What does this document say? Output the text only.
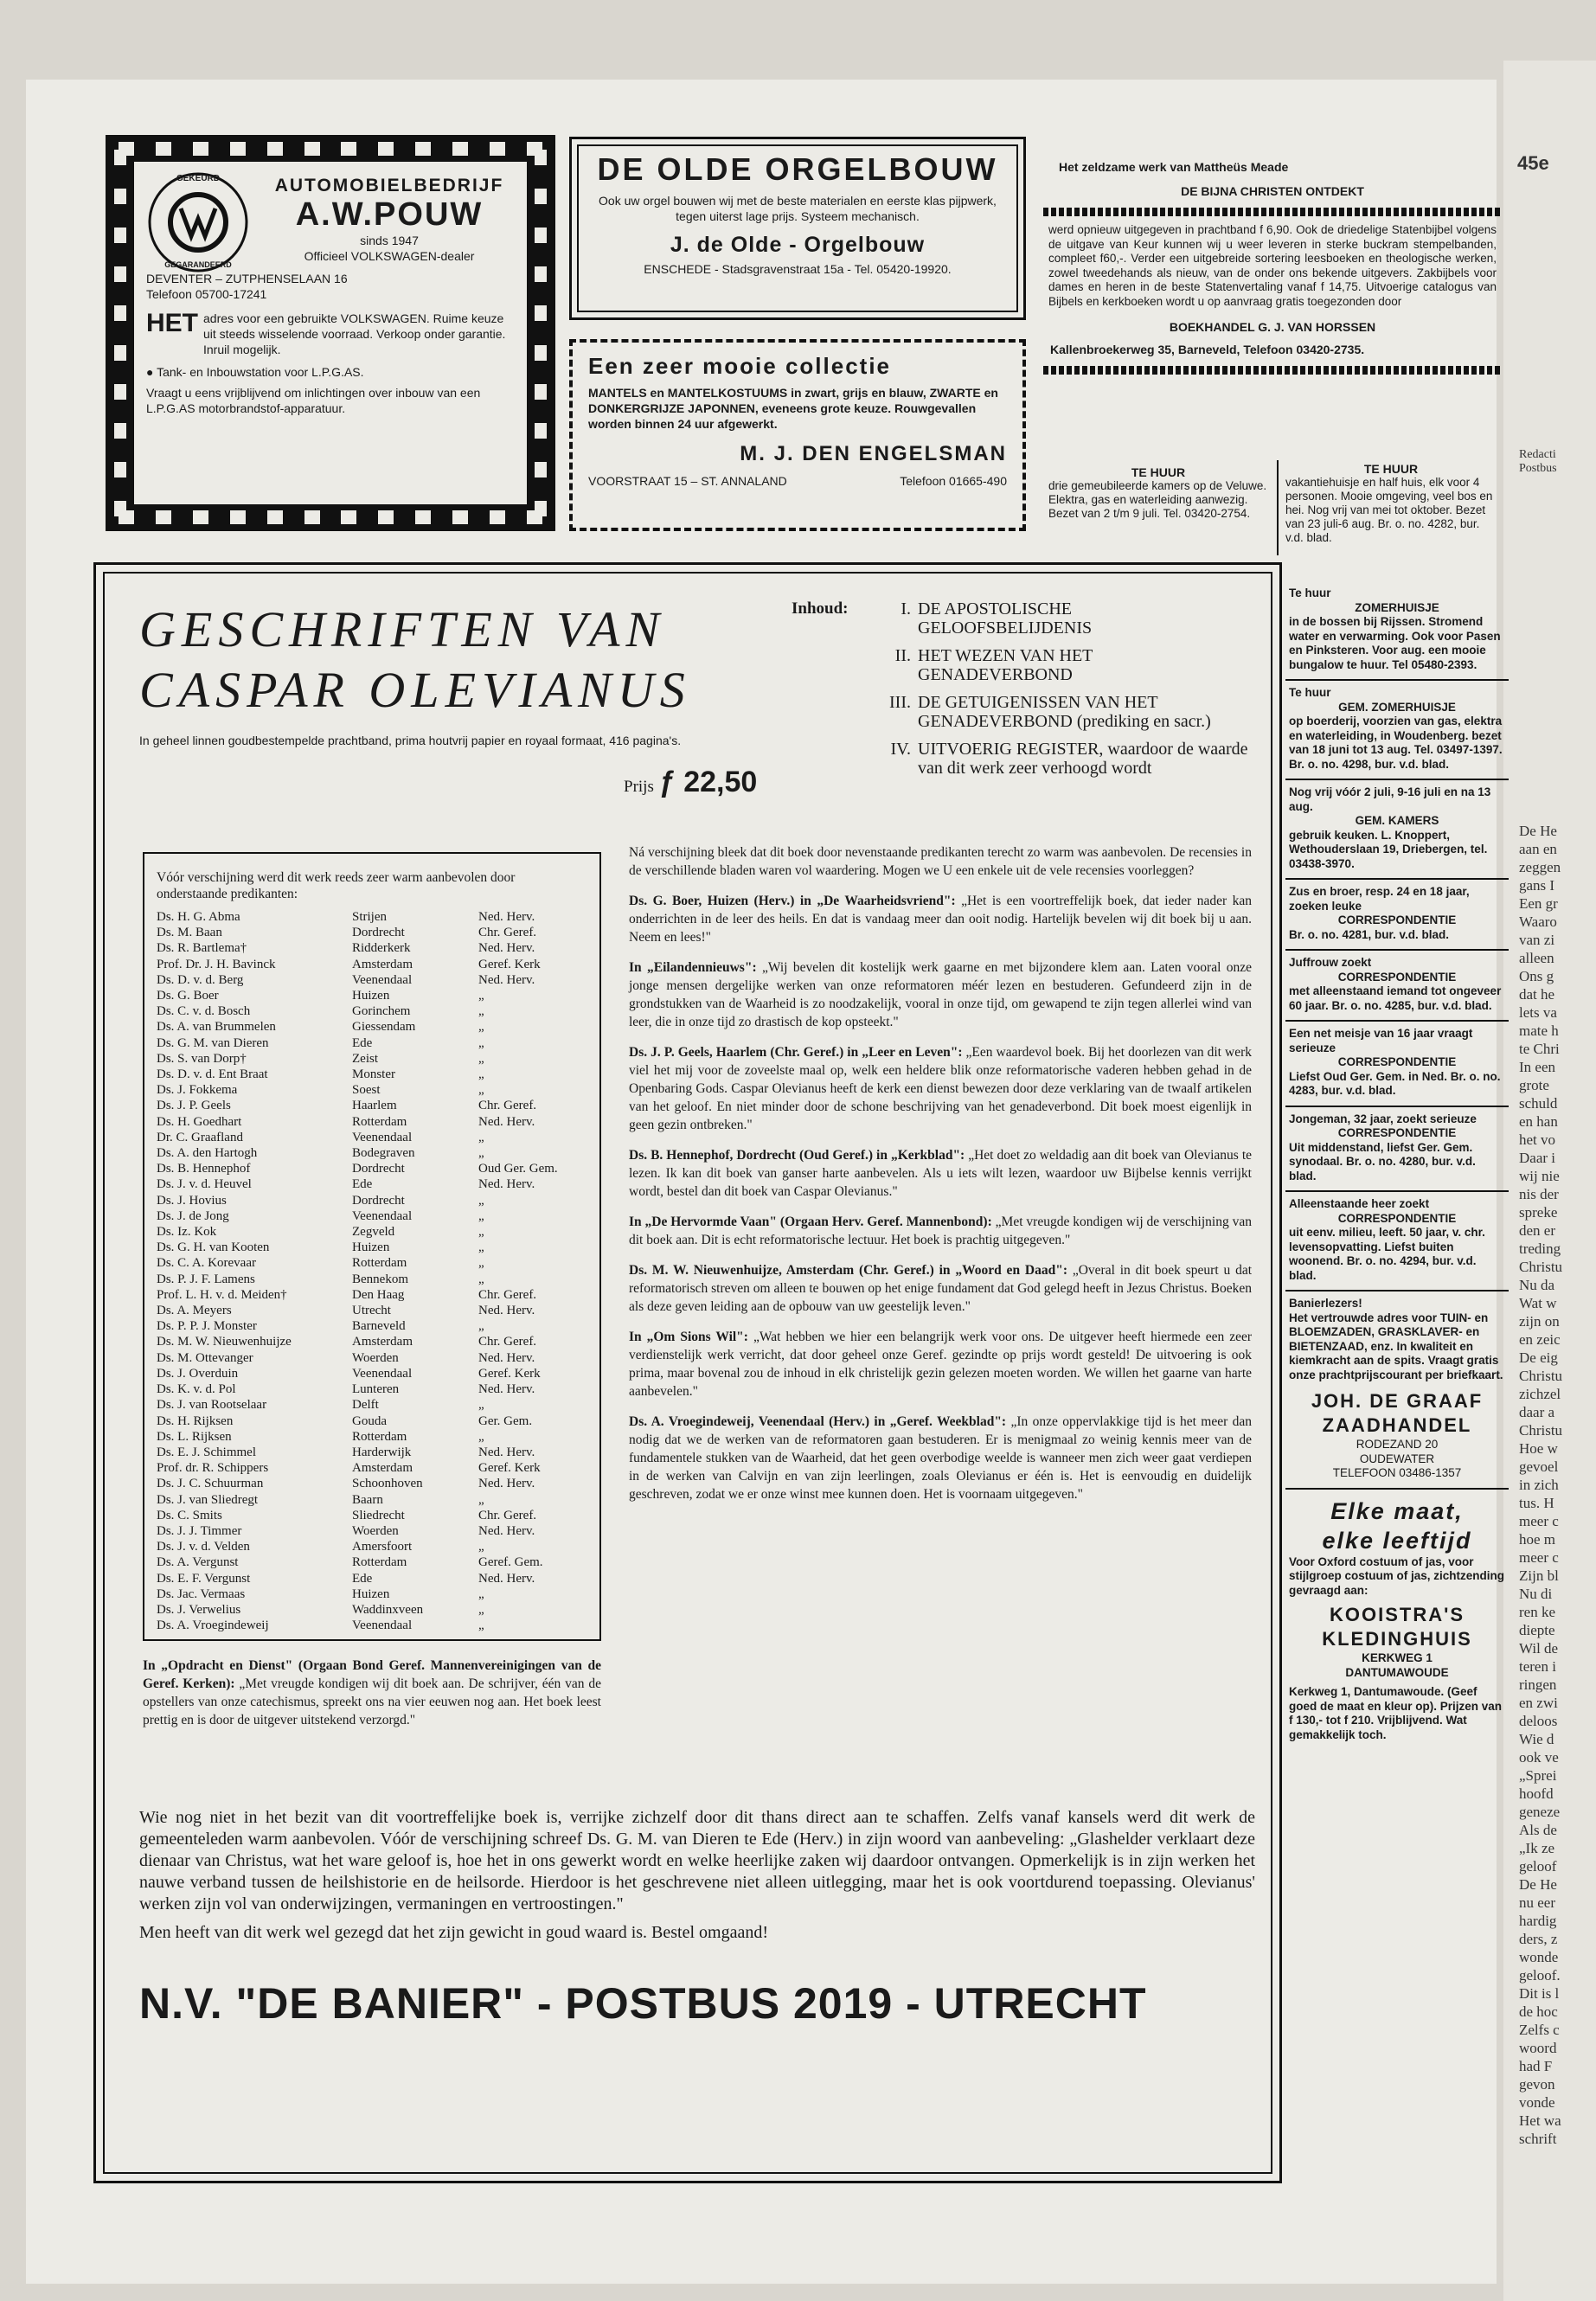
45e
Redacti
Postbus
De He
aan en
zeggen
gans I
Een gr
Waaro
van zi
alleen
Ons g
dat he
lets va
mate h
te Chri
In een
grote
schuld
en han
het vo
Daar i
wij nie
nis der
spreke
den er
treding
Christu
Nu da
Wat w
zijn on
en zeic
De eig
Christu
zichzel
daar a
Christu
Hoe w
gevoel
in zich
tus. H
meer c
hoe m
meer c
Zijn bl
Nu di
ren ke
diepte
Wil de
teren i
ringen
en zwi
deloos
Wie d
ook ve
„Sprei
hoofd
geneze
Als de
„Ik ze
geloof
De He
nu eer
hardig
ders, z
wonde
geloof.
Dit is l
de hoc
Zelfs c
woord
had F
gevon
vonde
Het wa
schrift
GEKEURD
GEGARANDEERD
AUTOMOBIELBEDRIJF
A.W.POUW
sinds 1947
Officieel VOLKSWAGEN-dealer
DEVENTER – ZUTPHENSELAAN 16
Telefoon 05700-17241
HET adres voor een gebruikte VOLKSWAGEN. Ruime keuze uit steeds wisselende voorraad. Verkoop onder garantie. Inruil mogelijk.
● Tank- en Inbouwstation voor L.P.G.AS.
Vraagt u eens vrijblijvend om inlichtingen over inbouw van een L.P.G.AS motorbrandstof-apparatuur.
DE OLDE ORGELBOUW
Ook uw orgel bouwen wij met de beste materialen en eerste klas pijpwerk, tegen uiterst lage prijs. Systeem mechanisch.
J. de Olde - Orgelbouw
ENSCHEDE - Stadsgravenstraat 15a - Tel. 05420-19920.
Een zeer mooie collectie
MANTELS en MANTELKOSTUUMS in zwart, grijs en blauw, ZWARTE en DONKERGRIJZE JAPONNEN, eveneens grote keuze. Rouwgevallen worden binnen 24 uur afgewerkt.
M. J. DEN ENGELSMAN
VOORSTRAAT 15 – ST. ANNALAND	Telefoon 01665-490
Het zeldzame werk van Mattheüs Meade
DE BIJNA CHRISTEN ONTDEKT
werd opnieuw uitgegeven in prachtband f 6,90. Ook de driedelige Statenbijbel volgens de uitgave van Keur kunnen wij u weer leveren in sterke buckram stempelbanden, compleet f60,-. Verder een uitgebreide sortering leesboeken en theologische werken, zowel tweedehands als nieuw, van de onder ons bekende uitgevers. Zakbijbels voor dames en heren in de beste Statenvertaling vanaf f 14,75. Uitvoerige catalogus van Bijbels en kerkboeken wordt u op aanvraag gratis toegezonden door
BOEKHANDEL G. J. VAN HORSSEN
Kallenbroekerweg 35, Barneveld, Telefoon 03420-2735.
TE HUUR
drie gemeubileerde kamers op de Veluwe. Elektra, gas en waterleiding aanwezig. Bezet van 2 t/m 9 juli. Tel. 03420-2754.
TE HUUR
vakantiehuisje en half huis, elk voor 4 personen. Mooie omgeving, veel bos en hei. Nog vrij van mei tot oktober. Bezet van 23 juli-6 aug. Br. o. no. 4282, bur. v.d. blad.
GESCHRIFTEN VAN
CASPAR OLEVIANUS
In geheel linnen goudbestempelde prachtband, prima houtvrij papier en royaal formaat, 416 pagina's.
Prijs ƒ 22,50
Inhoud:	I. DE APOSTOLISCHE GELOOFSBELIJDENIS
II. HET WEZEN VAN HET GENADEVERBOND
III. DE GETUIGENISSEN VAN HET GENADEVERBOND (prediking en sacr.)
IV. UITVOERIG REGISTER, waardoor de waarde van dit werk zeer verhoogd wordt
Vóór verschijning werd dit werk reeds zeer warm aanbevolen door onderstaande predikanten:
Ds. H. G. Abma	Strijen	Ned. Herv.
Ds. M. Baan	Dordrecht	Chr. Geref.
Ds. R. Bartlema†	Ridderkerk	Ned. Herv.
Prof. Dr. J. H. Bavinck	Amsterdam	Geref. Kerk
Ds. D. v. d. Berg	Veenendaal	Ned. Herv.
Ds. G. Boer	Huizen	„
Ds. C. v. d. Bosch	Gorinchem	„
Ds. A. van Brummelen	Giessendam	„
Ds. G. M. van Dieren	Ede	„
Ds. S. van Dorp†	Zeist	„
Ds. D. v. d. Ent Braat	Monster	„
Ds. J. Fokkema	Soest	„
Ds. J. P. Geels	Haarlem	Chr. Geref.
Ds. H. Goedhart	Rotterdam	Ned. Herv.
Dr. C. Graafland	Veenendaal	„
Ds. A. den Hartogh	Bodegraven	„
Ds. B. Hennephof	Dordrecht	Oud Ger. Gem.
Ds. J. v. d. Heuvel	Ede	Ned. Herv.
Ds. J. Hovius	Dordrecht	„
Ds. J. de Jong	Veenendaal	„
Ds. Iz. Kok	Zegveld	„
Ds. G. H. van Kooten	Huizen	„
Ds. C. A. Korevaar	Rotterdam	„
Ds. P. J. F. Lamens	Bennekom	„
Prof. L. H. v. d. Meiden†	Den Haag	Chr. Geref.
Ds. A. Meyers	Utrecht	Ned. Herv.
Ds. P. P. J. Monster	Barneveld	„
Ds. M. W. Nieuwenhuijze	Amsterdam	Chr. Geref.
Ds. M. Ottevanger	Woerden	Ned. Herv.
Ds. J. Overduin	Veenendaal	Geref. Kerk
Ds. K. v. d. Pol	Lunteren	Ned. Herv.
Ds. J. van Rootselaar	Delft	„
Ds. H. Rijksen	Gouda	Ger. Gem.
Ds. L. Rijksen	Rotterdam	„
Ds. E. J. Schimmel	Harderwijk	Ned. Herv.
Prof. dr. R. Schippers	Amsterdam	Geref. Kerk
Ds. J. C. Schuurman	Schoonhoven	Ned. Herv.
Ds. J. van Sliedregt	Baarn	„
Ds. C. Smits	Sliedrecht	Chr. Geref.
Ds. J. J. Timmer	Woerden	Ned. Herv.
Ds. J. v. d. Velden	Amersfoort	„
Ds. A. Vergunst	Rotterdam	Geref. Gem.
Ds. E. F. Vergunst	Ede	Ned. Herv.
Ds. Jac. Vermaas	Huizen	„
Ds. J. Verwelius	Waddinxveen	„
Ds. A. Vroegindeweij	Veenendaal	„
In „Opdracht en Dienst" (Orgaan Bond Geref. Mannenvereinigingen van de Geref. Kerken): „Met vreugde kondigen wij dit boek aan. De schrijver, één van de opstellers van onze catechismus, spreekt ons na vier eeuwen nog aan. Het boek leest prettig en is door de uitgever uitstekend verzorgd."

Ná verschijning bleek dat dit boek door nevenstaande predikanten terecht zo warm was aanbevolen. De recensies in de verschillende bladen waren vol waardering. Mogen we U een enkele uit de vele recensies voorleggen?

Ds. G. Boer, Huizen (Herv.) in „De Waarheidsvriend": „Het is een voortreffelijk boek, dat ieder nader kan onderrichten in de leer des heils. En dat is vandaag meer dan ooit nodig. Hartelijk bevelen wij dit boek bij u aan. Neem en lees!"

In „Eilandennieuws": „Wij bevelen dit kostelijk werk gaarne en met bijzondere klem aan. Laten vooral onze jonge mensen dergelijke werken van onze reformatoren méér lezen en bestuderen. Gefundeerd zijn in de grondstukken van de Waarheid is zo noodzakelijk, vooral in onze tijd, om gewapend te zijn tegen allerlei wind van leer, die in onze tijd zo drastisch de kop opsteekt."

Ds. J. P. Geels, Haarlem (Chr. Geref.) in „Leer en Leven": „Een waardevol boek. Bij het doorlezen van dit werk viel het mij voor de zoveelste maal op, welk een heldere blik onze reformatorische vaderen hebben gehad in de Openbaring Gods. Caspar Olevianus heeft de kerk een dienst bewezen door deze verklaring van de twaalf artikelen van het geloof. En niet minder door de schone beschrijving van het genadeverbond. Dit boek moest eigenlijk in geen gezin ontbreken."

Ds. B. Hennephof, Dordrecht (Oud Geref.) in „Kerkblad": „Het doet zo weldadig aan dit boek van Olevianus te lezen. Ik kan dit boek van ganser harte aanbevelen. Als u iets wilt lezen, waardoor uw Bijbelse kennis verrijkt wordt, bestel dan dit boek van Caspar Olevianus."

In „De Hervormde Vaan" (Orgaan Herv. Geref. Mannenbond): „Met vreugde kondigen wij de verschijning van dit boek aan. Dit is echt reformatorische lectuur. Het boek is prachtig uitgegeven."

Ds. M. W. Nieuwenhuijze, Amsterdam (Chr. Geref.) in „Woord en Daad": „Overal in dit boek speurt u dat reformatorisch streven om alleen te bouwen op het enige fundament dat God gelegd heeft in Jezus Christus. Boeken als deze geven leiding aan de opbouw van uw geestelijk leven."

In „Om Sions Wil": „Wat hebben we hier een belangrijk werk voor ons. De uitgever heeft hiermede een zeer verdienstelijk werk verricht, dat door geheel onze Geref. gezindte op prijs wordt gesteld! De uitvoering is ook prima, maar bovenal zou de inhoud in elk christelijk gezin gelezen moeten worden. We willen het gaarne van harte aanbevelen."

Ds. A. Vroegindeweij, Veenendaal (Herv.) in „Geref. Weekblad": „In onze oppervlakkige tijd is het meer dan nodig dat we de werken van de reformatoren gaan bestuderen. Er is menigmaal zo weinig kennis meer van de fundamentele stukken van de Waarheid, dat het geen overbodige weelde is wanneer men zich weer gaat verdiepen in de werken van Calvijn en van zijn leerlingen, zoals Olevianus er één is. Het is eenvoudig en duidelijk geschreven, zodat we er onze winst mee kunnen doen. Het is voornaam uitgegeven."

Wie nog niet in het bezit van dit voortreffelijke boek is, verrijke zichzelf door dit thans direct aan te schaffen. Zelfs vanaf kansels werd dit werk de gemeenteleden warm aanbevolen. Vóór de verschijning schreef Ds. G. M. van Dieren te Ede (Herv.) in zijn woord van aanbeveling: „Glashelder verklaart deze dienaar van Christus, wat het ware geloof is, hoe het in ons gewerkt wordt en welke heerlijke zaken wij daardoor ontvangen. Opmerkelijk is in zijn werken het nauwe verband tussen de heilshistorie en de heilsorde. Hierdoor is het geschrevene niet alleen uitlegging, maar het is ook voortdurend toepassing. Olevianus' werken zijn vol van onderwijzingen, vermaningen en vertroostingen."
Men heeft van dit werk wel gezegd dat het zijn gewicht in goud waard is. Bestel omgaand!
N.V. "DE BANIER" - POSTBUS 2019 - UTRECHT
Te huur
ZOMERHUISJE
in de bossen bij Rijssen. Stromend water en verwarming. Ook voor Pasen en Pinksteren. Voor aug. een mooie bungalow te huur. Tel 05480-2393.
Te huur
GEM. ZOMERHUISJE
op boerderij, voorzien van gas, elektra en waterleiding, in Woudenberg. bezet van 18 juni tot 13 aug. Tel. 03497-1397. Br. o. no. 4298, bur. v.d. blad.
Nog vrij vóór 2 juli, 9-16 juli en na 13 aug.
GEM. KAMERS
gebruik keuken. L. Knoppert, Wethouderslaan 19, Driebergen, tel. 03438-3970.
Zus en broer, resp. 24 en 18 jaar, zoeken leuke
CORRESPONDENTIE
Br. o. no. 4281, bur. v.d. blad.
Juffrouw zoekt
CORRESPONDENTIE
met alleenstaand iemand tot ongeveer 60 jaar. Br. o. no. 4285, bur. v.d. blad.
Een net meisje van 16 jaar vraagt serieuze
CORRESPONDENTIE
Liefst Oud Ger. Gem. in Ned. Br. o. no. 4283, bur. v.d. blad.
Jongeman, 32 jaar, zoekt serieuze
CORRESPONDENTIE
Uit middenstand, liefst Ger. Gem. synodaal. Br. o. no. 4280, bur. v.d. blad.
Alleenstaande heer zoekt
CORRESPONDENTIE
uit eenv. milieu, leeft. 50 jaar, v. chr. levensopvatting. Liefst buiten woonend. Br. o. no. 4294, bur. v.d. blad.
Banierlezers!
Het vertrouwde adres voor TUIN- en BLOEMZADEN, GRASKLAVER- en BIETENZAAD, enz. In kwaliteit en kiemkracht aan de spits. Vraagt gratis onze prachtprijscourant per briefkaart.
JOH. DE GRAAF
ZAADHANDEL
RODEZAND 20
OUDEWATER
TELEFOON 03486-1357
Elke maat,
elke leeftijd
Voor Oxford costuum of jas, voor stijlgroep costuum of jas, zichtzending gevraagd aan:
KOOISTRA'S
KLEDINGHUIS
KERKWEG 1
DANTUMAWOUDE
Kerkweg 1, Dantumawoude. (Geef goed de maat en kleur op). Prijzen van f 130,- tot f 210. Vrijblijvend. Wat gemakkelijk toch.
